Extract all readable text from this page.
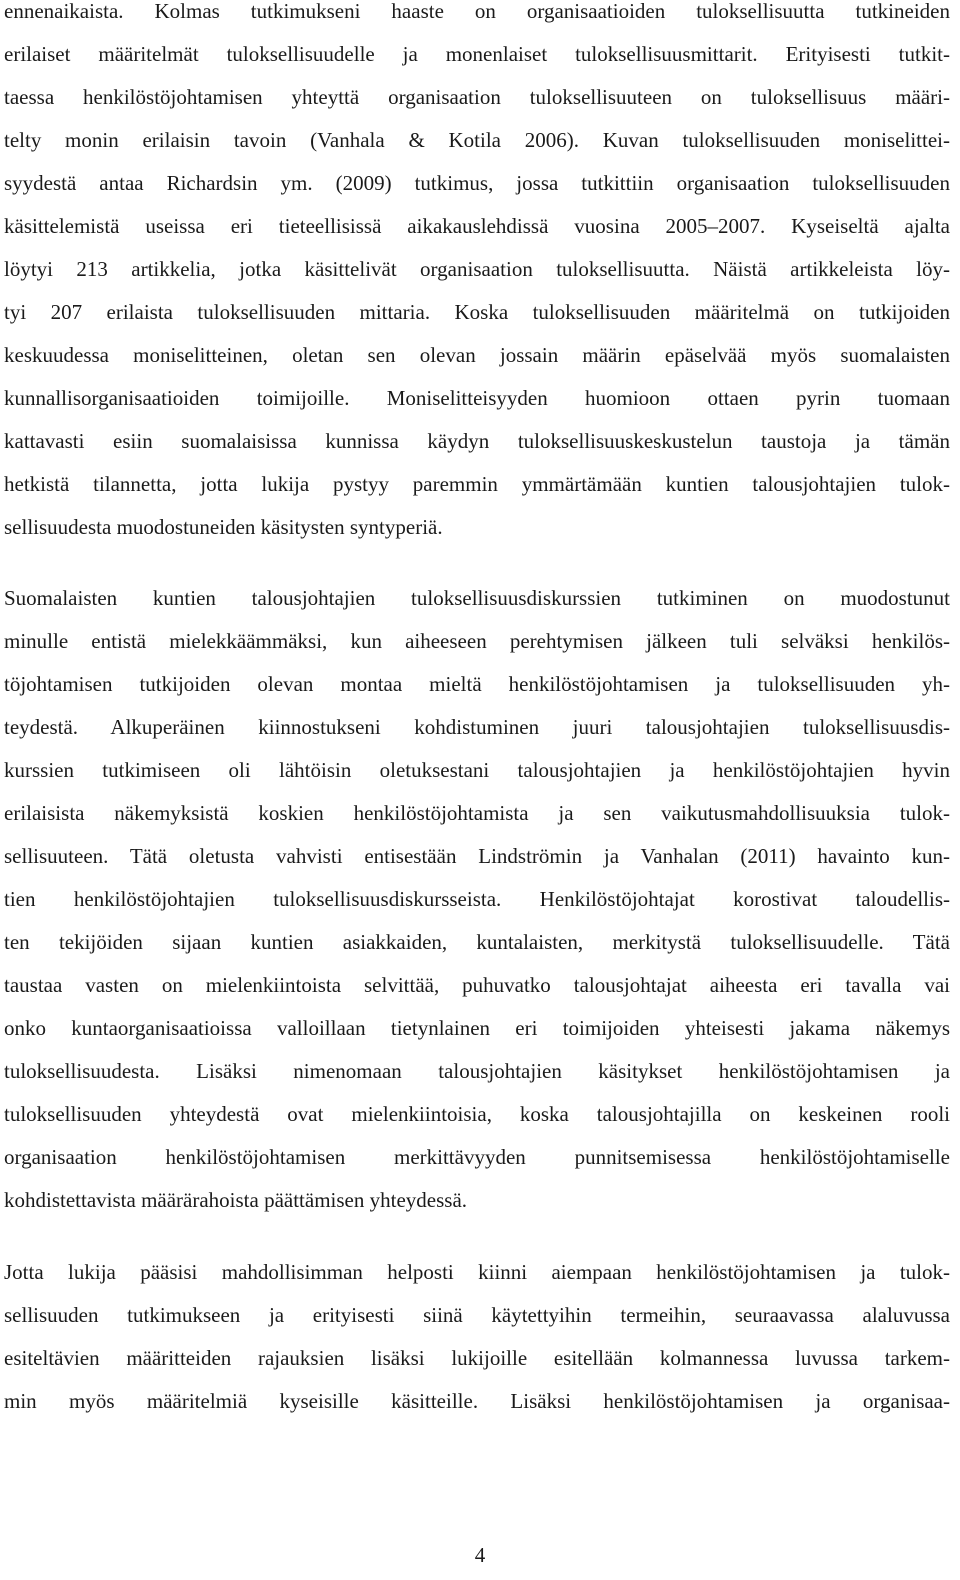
ennenaikaista. Kolmas tutkimukseni haaste on organisaatioiden tuloksellisuutta tutkineiden
erilaiset määritelmät tuloksellisuudelle ja monenlaiset tuloksellisuusmittarit. Erityisesti tutkit-
taessa henkilöstöjohtamisen yhteyttä organisaation tuloksellisuuteen on tuloksellisuus määri-
telty monin erilaisin tavoin (Vanhala & Kotila 2006). Kuvan tuloksellisuuden moniselittei-
syydestä antaa Richardsin ym. (2009) tutkimus, jossa tutkittiin organisaation tuloksellisuuden
käsittelemistä useissa eri tieteellisissä aikakauslehdissä vuosina 2005–2007. Kyseiseltä ajalta
löytyi 213 artikkelia, jotka käsittelivät organisaation tuloksellisuutta. Näistä artikkeleista löy-
tyi 207 erilaista tuloksellisuuden mittaria. Koska tuloksellisuuden määritelmä on tutkijoiden
keskuudessa moniselitteinen, oletan sen olevan jossain määrin epäselvää myös suomalaisten
kunnallisorganisaatioiden toimijoille. Moniselitteisyyden huomioon ottaen pyrin tuomaan
kattavasti esiin suomalaisissa kunnissa käydyn tuloksellisuuskeskustelun taustoja ja tämän
hetkistä tilannetta, jotta lukija pystyy paremmin ymmärtämään kuntien talousjohtajien tulok-
sellisuudesta muodostuneiden käsitysten syntyperiä.
Suomalaisten kuntien talousjohtajien tuloksellisuusdiskurssien tutkiminen on muodostunut
minulle entistä mielekkäämmäksi, kun aiheeseen perehtymisen jälkeen tuli selväksi henkilös-
töjohtamisen tutkijoiden olevan montaa mieltä henkilöstöjohtamisen ja tuloksellisuuden yh-
teydestä. Alkuperäinen kiinnostukseni kohdistuminen juuri talousjohtajien tuloksellisuusdis-
kurssien tutkimiseen oli lähtöisin oletuksestani talousjohtajien ja henkilöstöjohtajien hyvin
erilaisista näkemyksistä koskien henkilöstöjohtamista ja sen vaikutusmahdollisuuksia tulok-
sellisuuteen. Tätä oletusta vahvisti entisestään Lindströmin ja Vanhalan (2011) havainto kun-
tien henkilöstöjohtajien tuloksellisuusdiskursseista. Henkilöstöjohtajat korostivat taloudellis-
ten tekijöiden sijaan kuntien asiakkaiden, kuntalaisten, merkitystä tuloksellisuudelle. Tätä
taustaa vasten on mielenkiintoista selvittää, puhuvatko talousjohtajat aiheesta eri tavalla vai
onko kuntaorganisaatioissa valloillaan tietynlainen eri toimijoiden yhteisesti jakama näkemys
tuloksellisuudesta. Lisäksi nimenomaan talousjohtajien käsitykset henkilöstöjohtamisen ja
tuloksellisuuden yhteydestä ovat mielenkiintoisia, koska talousjohtajilla on keskeinen rooli
organisaation henkilöstöjohtamisen merkittävyyden punnitsemisessa henkilöstöjohtamiselle
kohdistettavista määrärahoista päättämisen yhteydessä.
Jotta lukija pääsisi mahdollisimman helposti kiinni aiempaan henkilöstöjohtamisen ja tulok-
sellisuuden tutkimukseen ja erityisesti siinä käytettyihin termeihin, seuraavassa alaluvussa
esiteltävien määritteiden rajauksien lisäksi lukijoille esitellään kolmannessa luvussa tarkem-
min myös määritelmiä kyseisille käsitteille. Lisäksi henkilöstöjohtamisen ja organisaa-
4
